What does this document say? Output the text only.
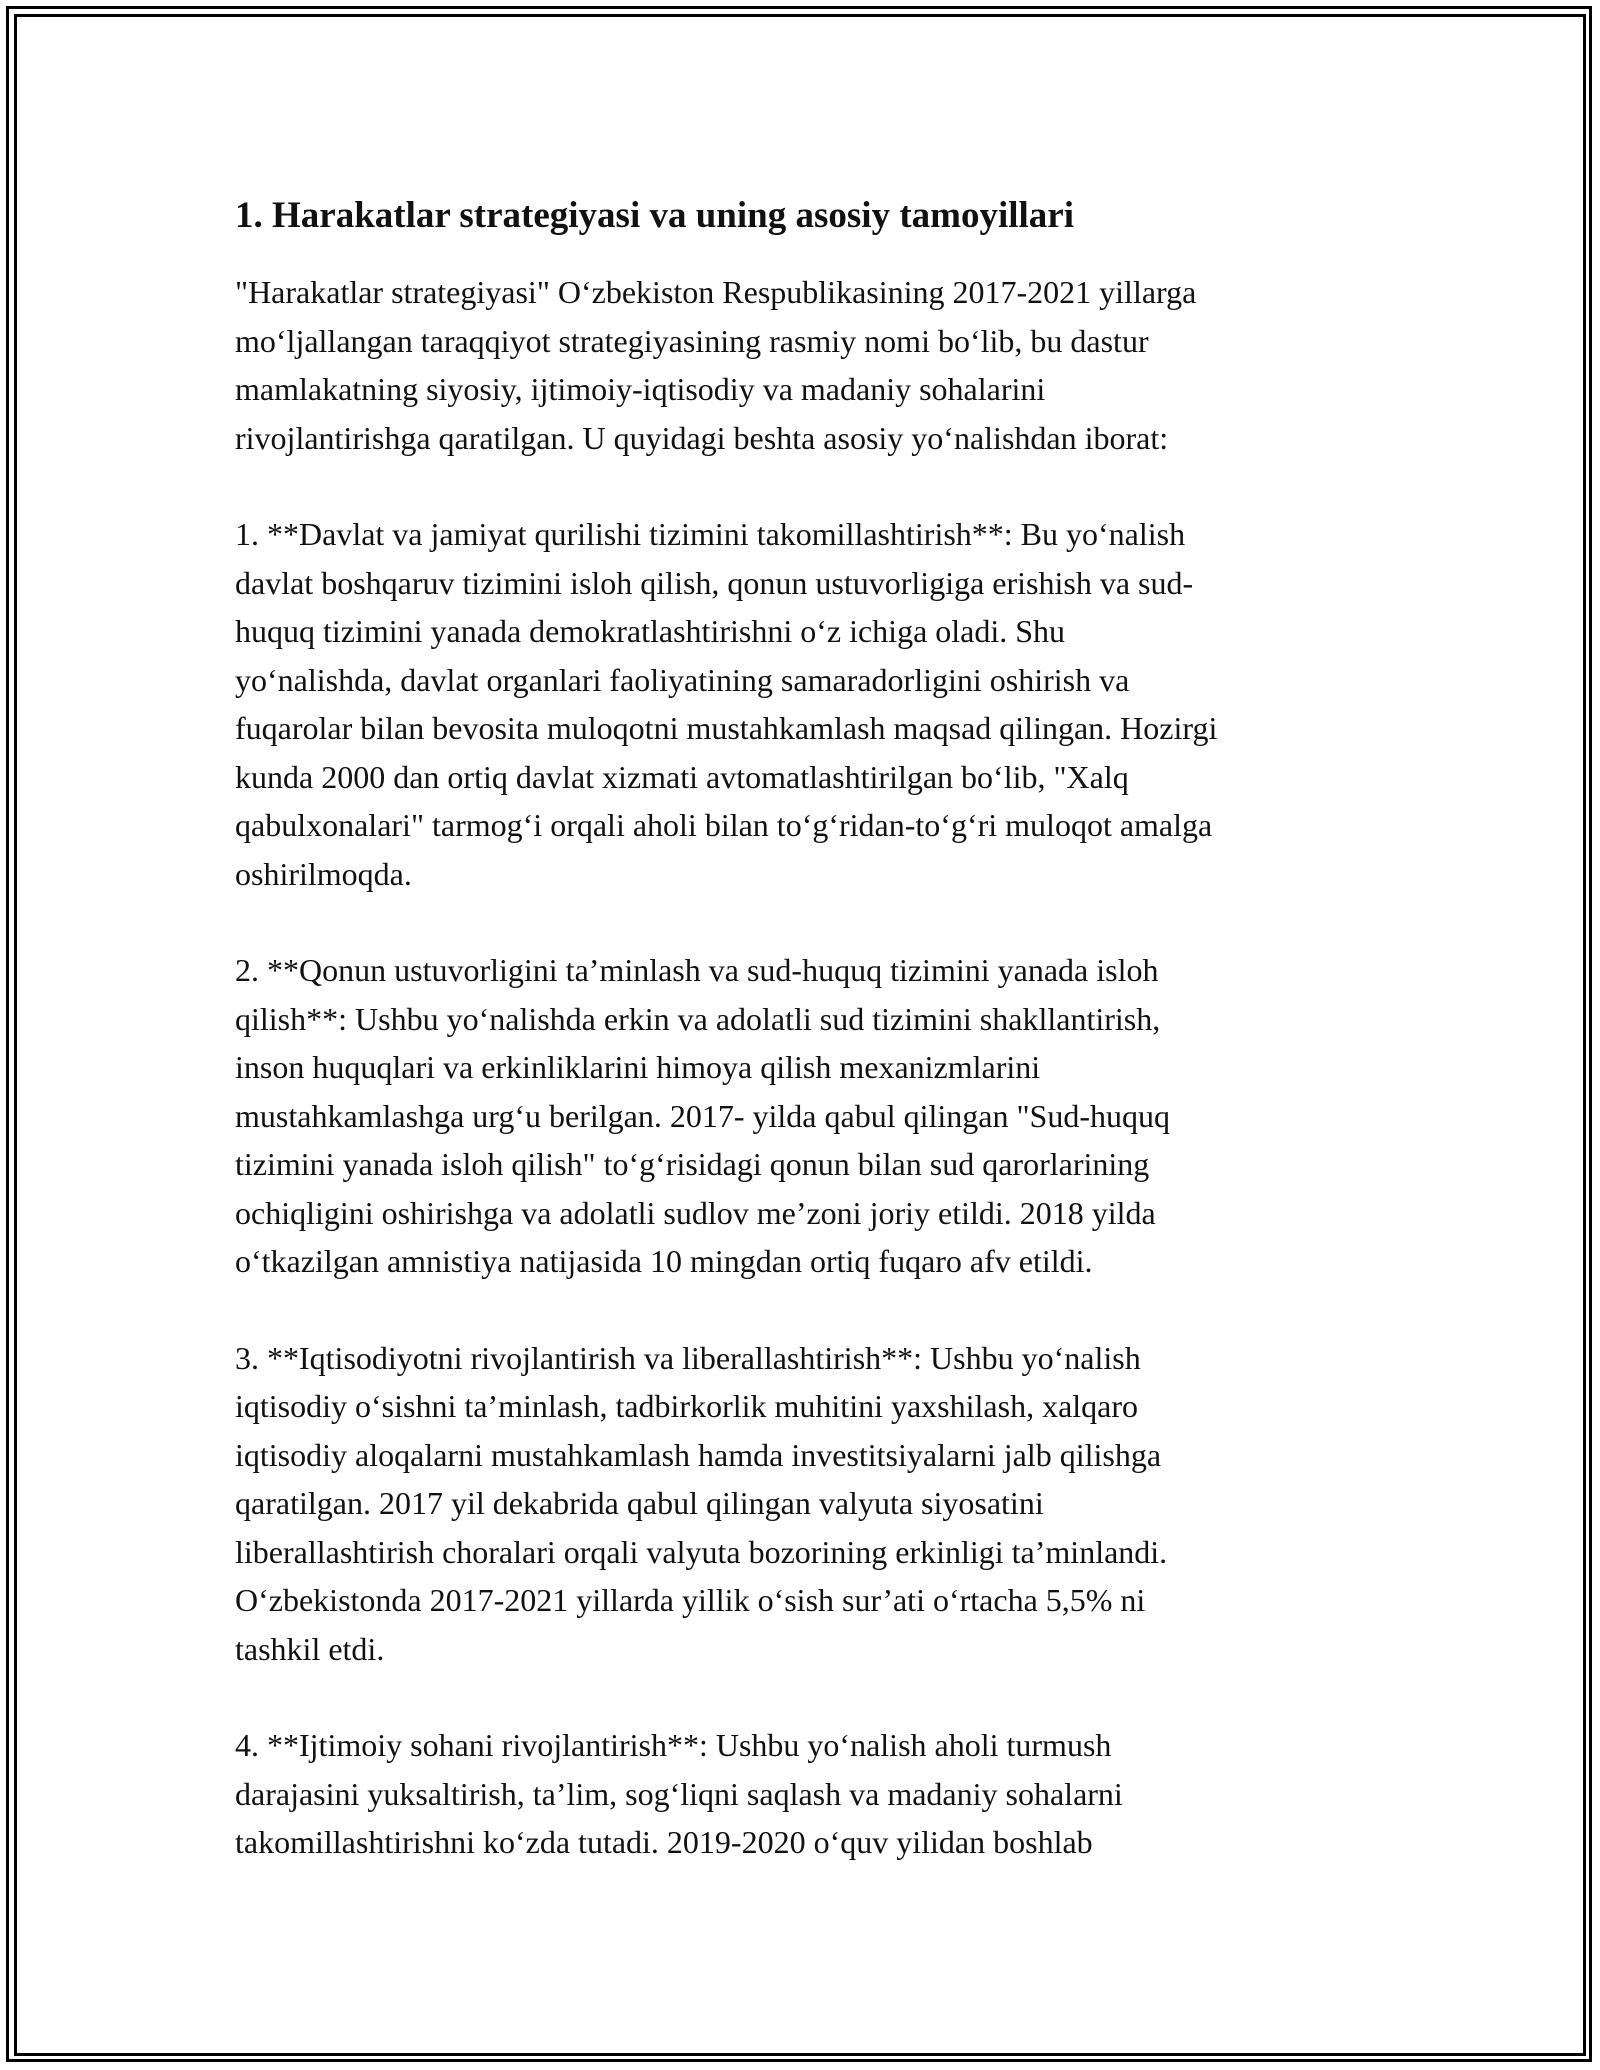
1. Harakatlar strategiyasi va uning asosiy tamoyillari

"Harakatlar strategiyasi" O‘zbekiston Respublikasining 2017-2021 yillarga
mo‘ljallangan taraqqiyot strategiyasining rasmiy nomi bo‘lib, bu dastur
mamlakatning siyosiy, ijtimoiy-iqtisodiy va madaniy sohalarini
rivojlantirishga qaratilgan. U quyidagi beshta asosiy yo‘nalishdan iborat:

1. **Davlat va jamiyat qurilishi tizimini takomillashtirish**: Bu yo‘nalish
davlat boshqaruv tizimini isloh qilish, qonun ustuvorligiga erishish va sud-
huquq tizimini yanada demokratlashtirishni o‘z ichiga oladi. Shu
yo‘nalishda, davlat organlari faoliyatining samaradorligini oshirish va
fuqarolar bilan bevosita muloqotni mustahkamlash maqsad qilingan. Hozirgi
kunda 2000 dan ortiq davlat xizmati avtomatlashtirilgan bo‘lib, "Xalq
qabulxonalari" tarmog‘i orqali aholi bilan to‘g‘ridan-to‘g‘ri muloqot amalga
oshirilmoqda.

2. **Qonun ustuvorligini ta’minlash va sud-huquq tizimini yanada isloh
qilish**: Ushbu yo‘nalishda erkin va adolatli sud tizimini shakllantirish,
inson huquqlari va erkinliklarini himoya qilish mexanizmlarini
mustahkamlashga urg‘u berilgan. 2017- yilda qabul qilingan "Sud-huquq
tizimini yanada isloh qilish" to‘g‘risidagi qonun bilan sud qarorlarining
ochiqligini oshirishga va adolatli sudlov me’zoni joriy etildi. 2018 yilda
o‘tkazilgan amnistiya natijasida 10 mingdan ortiq fuqaro afv etildi.

3. **Iqtisodiyotni rivojlantirish va liberallashtirish**: Ushbu yo‘nalish
iqtisodiy o‘sishni ta’minlash, tadbirkorlik muhitini yaxshilash, xalqaro
iqtisodiy aloqalarni mustahkamlash hamda investitsiyalarni jalb qilishga
qaratilgan. 2017 yil dekabrida qabul qilingan valyuta siyosatini
liberallashtirish choralari orqali valyuta bozorining erkinligi ta’minlandi.
O‘zbekistonda 2017-2021 yillarda yillik o‘sish sur’ati o‘rtacha 5,5% ni
tashkil etdi.

4. **Ijtimoiy sohani rivojlantirish**: Ushbu yo‘nalish aholi turmush
darajasini yuksaltirish, ta’lim, sog‘liqni saqlash va madaniy sohalarni
takomillashtirishni ko‘zda tutadi. 2019-2020 o‘quv yilidan boshlab
